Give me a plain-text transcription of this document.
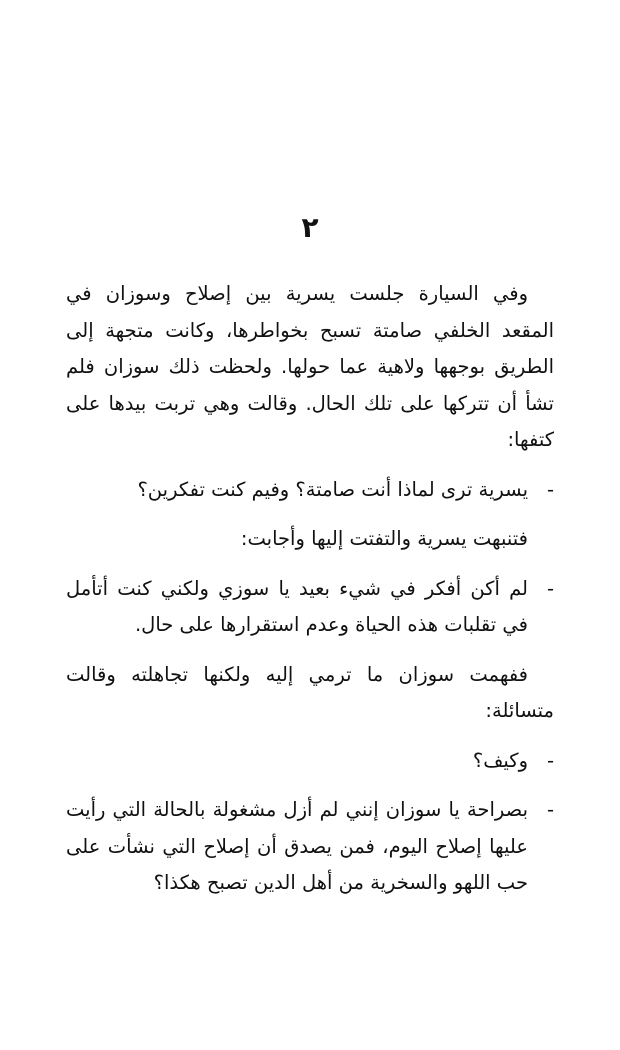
٢

وفي السيارة جلست يسرية بين إصلاح وسوزان في المقعد الخلفي صامتة تسبح بخواطرها، وكانت متجهة إلى الطريق بوجهها ولاهية عما حولها. ولحظت ذلك سوزان فلم تشأ أن تتركها على تلك الحال. وقالت وهي تربت بيدها على كتفها:

-
يسرية ترى لماذا أنت صامتة؟ وفيم كنت تفكرين؟

فتنبهت يسرية والتفتت إليها وأجابت:

-
لم أكن أفكر في شيء بعيد يا سوزي ولكني كنت أتأمل في تقلبات هذه الحياة وعدم استقرارها على حال.

ففهمت سوزان ما ترمي إليه ولكنها تجاهلته وقالت متسائلة:

-
وكيف؟

-
بصراحة يا سوزان إنني لم أزل مشغولة بالحالة التي رأيت عليها إصلاح اليوم، فمن يصدق أن إصلاح التي نشأت على حب اللهو والسخرية من أهل الدين تصبح هكذا؟
